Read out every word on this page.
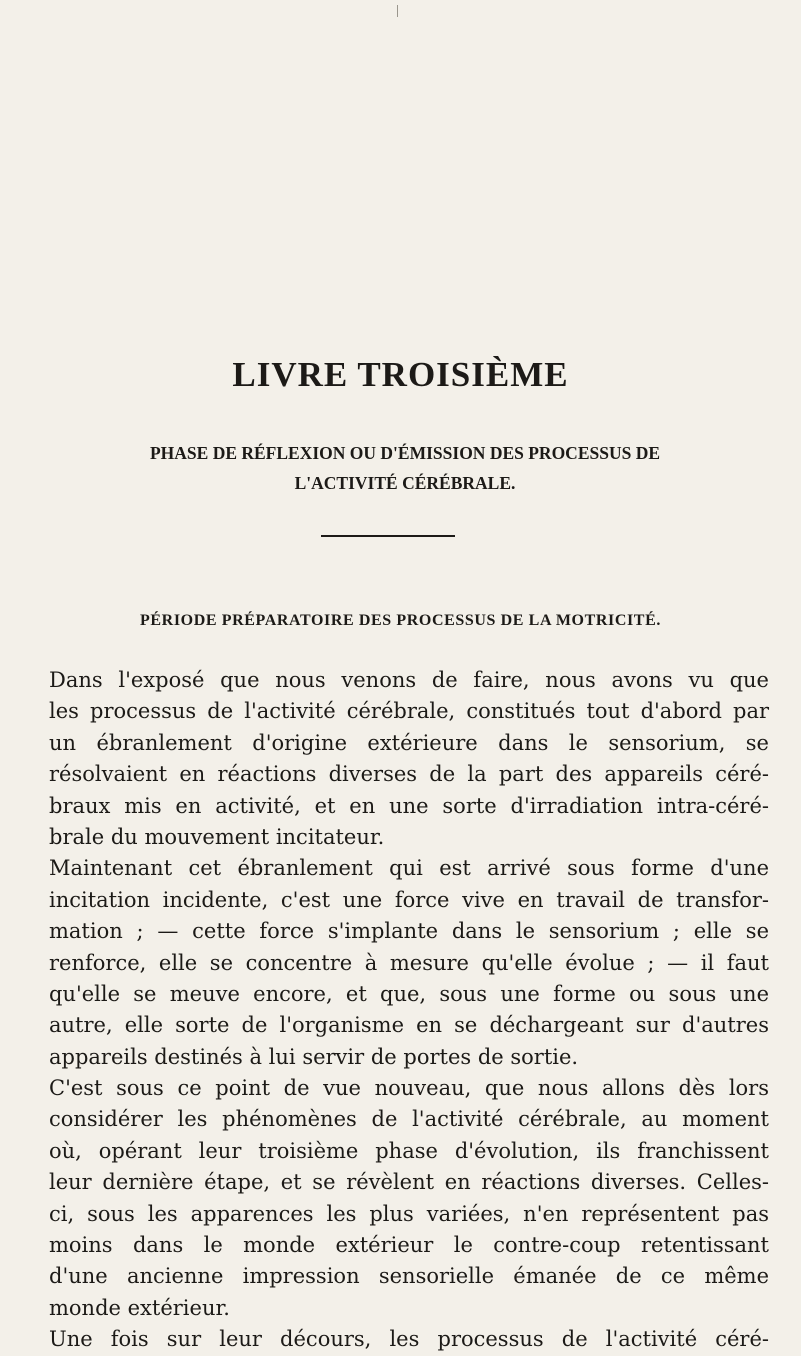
LIVRE TROISIÈME
PHASE DE RÉFLEXION OU D'ÉMISSION DES PROCESSUS DE
L'ACTIVITÉ CÉRÉBRALE.
PÉRIODE PRÉPARATOIRE DES PROCESSUS DE LA MOTRICITÉ.
Dans l'exposé que nous venons de faire, nous avons vu que
les processus de l'activité cérébrale, constitués tout d'abord par
un ébranlement d'origine extérieure dans le sensorium, se
résolvaient en réactions diverses de la part des appareils céré-
braux mis en activité, et en une sorte d'irradiation intra-céré-
brale du mouvement incitateur.
Maintenant cet ébranlement qui est arrivé sous forme d'une
incitation incidente, c'est une force vive en travail de transfor-
mation ; — cette force s'implante dans le sensorium ; elle se
renforce, elle se concentre à mesure qu'elle évolue ; — il faut
qu'elle se meuve encore, et que, sous une forme ou sous une
autre, elle sorte de l'organisme en se déchargeant sur d'autres
appareils destinés à lui servir de portes de sortie.
C'est sous ce point de vue nouveau, que nous allons dès lors
considérer les phénomènes de l'activité cérébrale, au moment
où, opérant leur troisième phase d'évolution, ils franchissent
leur dernière étape, et se révèlent en réactions diverses. Celles-
ci, sous les apparences les plus variées, n'en représentent pas
moins dans le monde extérieur le contre-coup retentissant
d'une ancienne impression sensorielle émanée de ce même
monde extérieur.
Une fois sur leur décours, les processus de l'activité céré-
